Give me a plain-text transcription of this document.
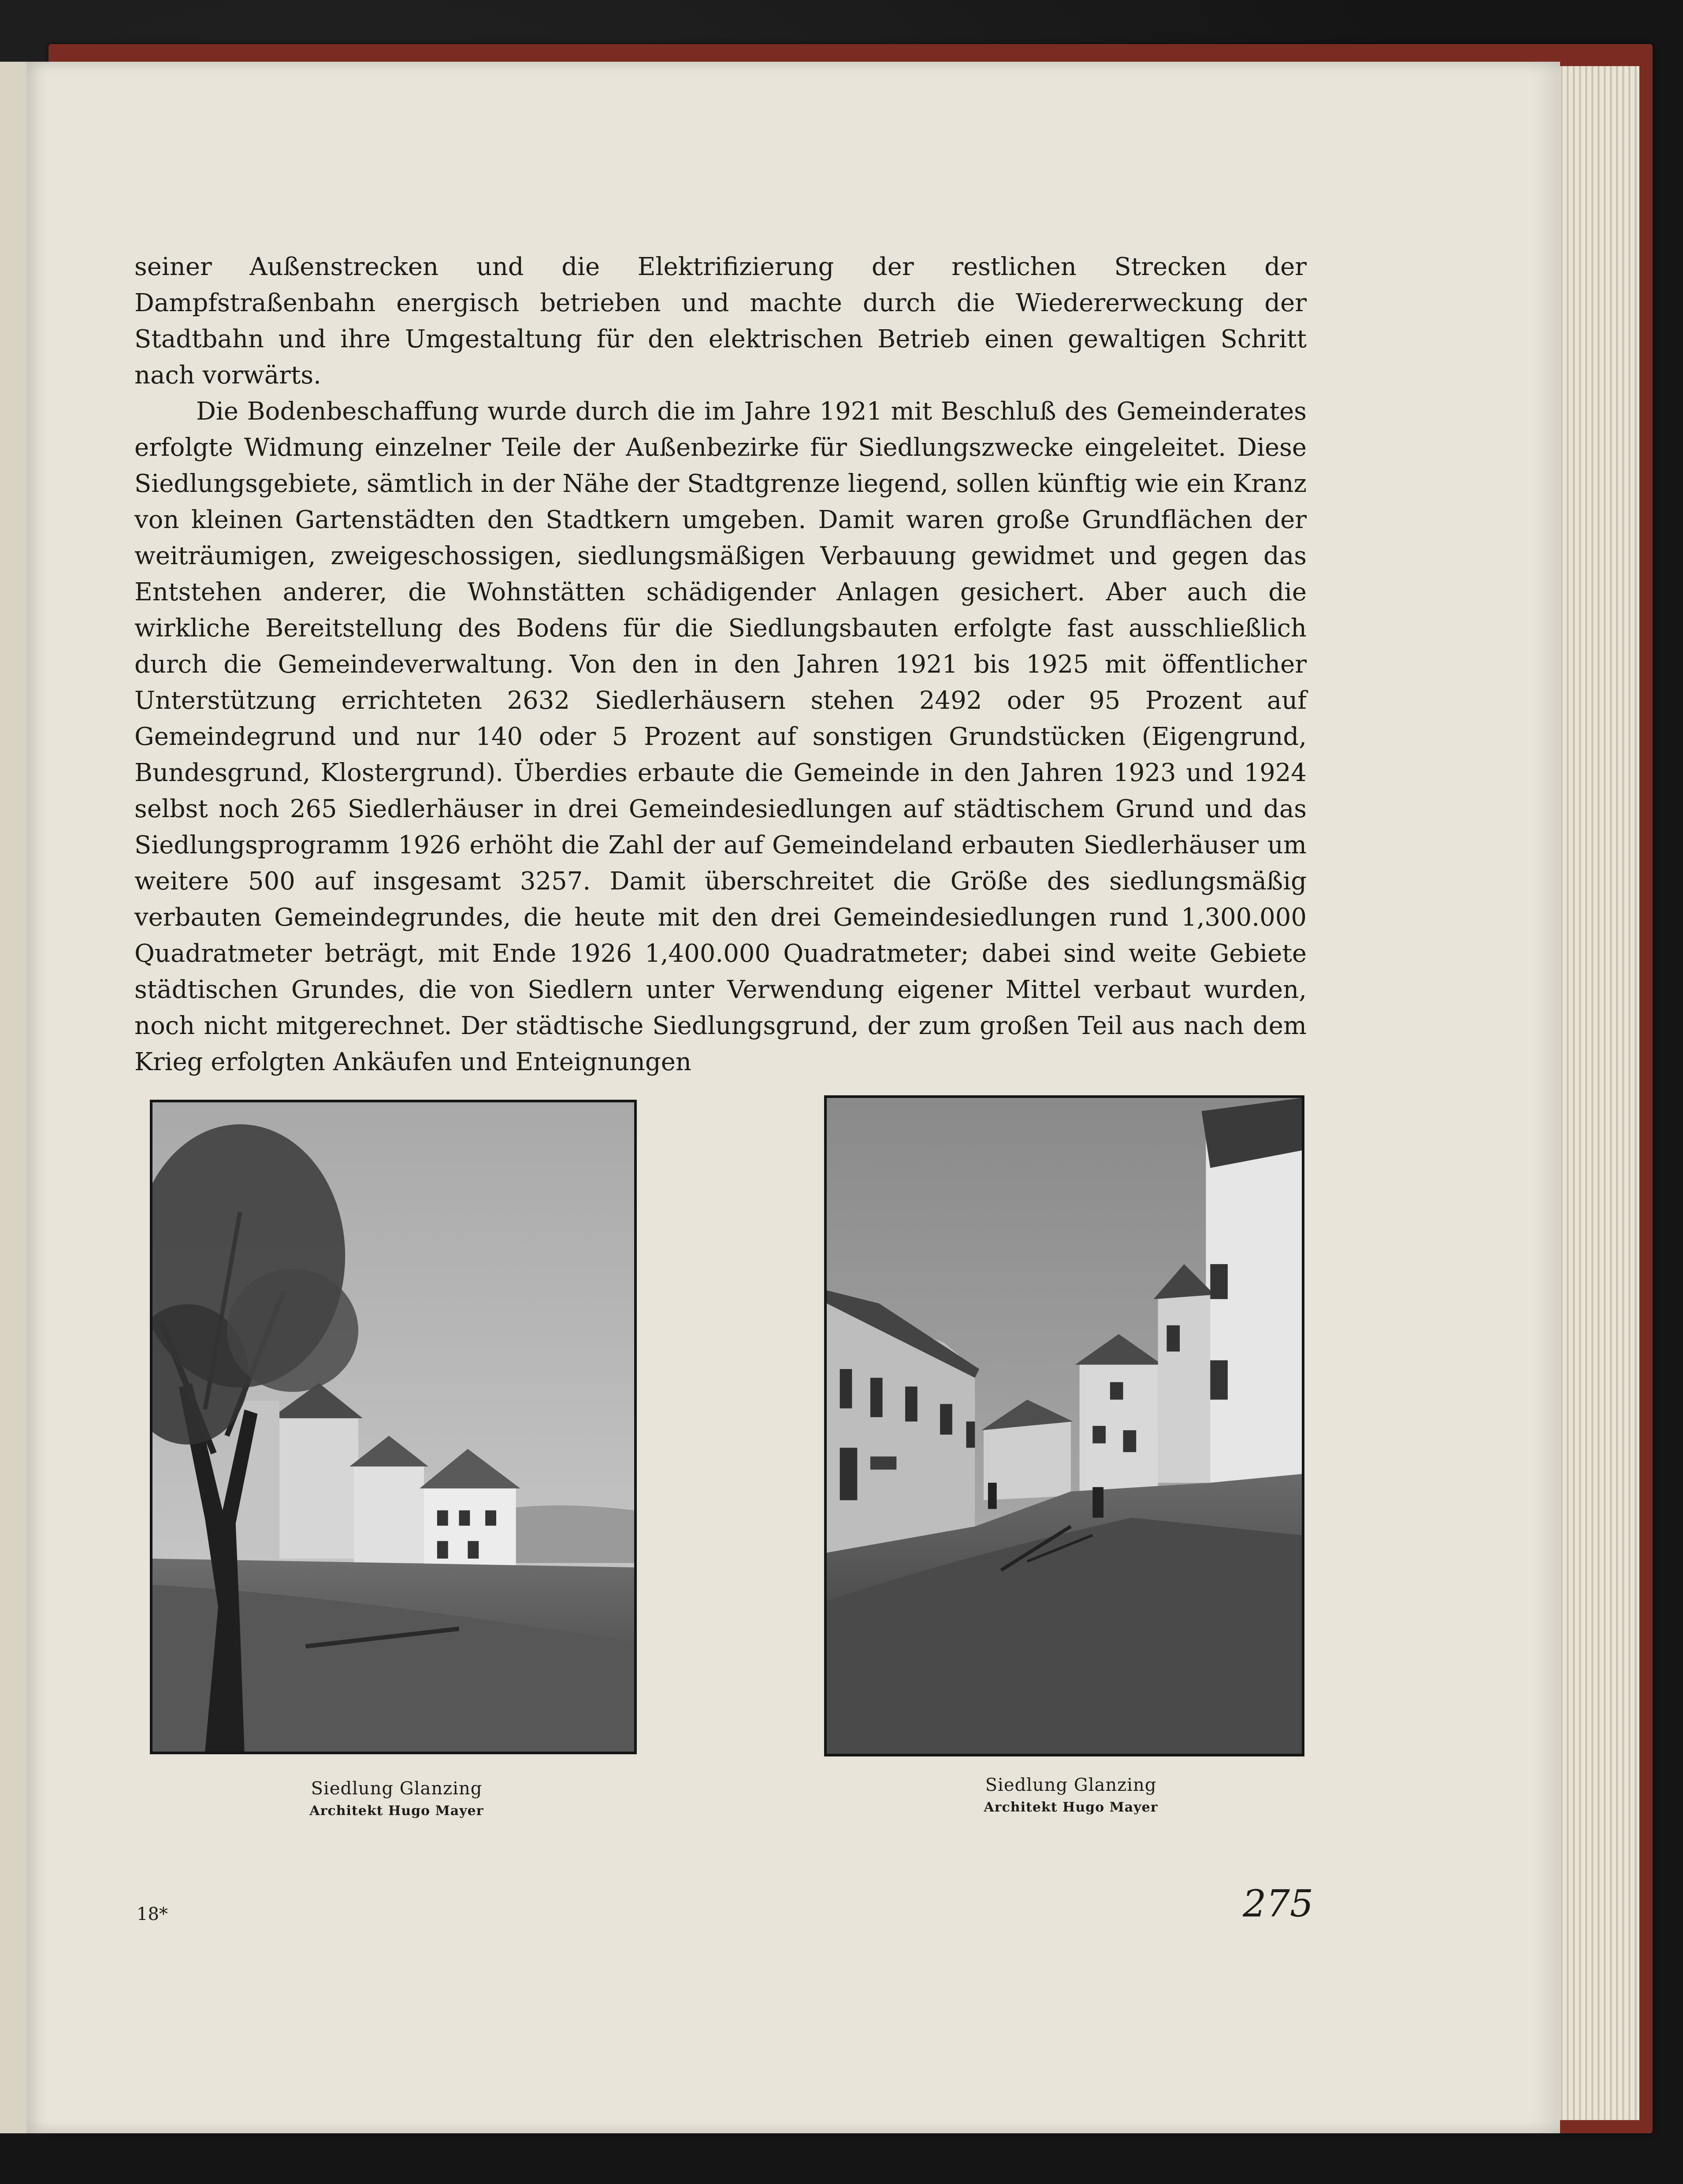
seiner Außenstrecken und die Elektrifizierung der restlichen Strecken der Dampfstraßenbahn energisch betrieben und machte durch die Wiedererweckung der Stadtbahn und ihre Umgestaltung für den elektrischen Betrieb einen gewaltigen Schritt nach vorwärts.

Die Bodenbeschaffung wurde durch die im Jahre 1921 mit Beschluß des Gemeinderates erfolgte Widmung einzelner Teile der Außenbezirke für Siedlungszwecke eingeleitet. Diese Siedlungsgebiete, sämtlich in der Nähe der Stadtgrenze liegend, sollen künftig wie ein Kranz von kleinen Gartenstädten den Stadtkern umgeben. Damit waren große Grundflächen der weiträumigen, zweigeschossigen, siedlungsmäßigen Verbauung gewidmet und gegen das Entstehen anderer, die Wohnstätten schädigender Anlagen gesichert. Aber auch die wirkliche Bereitstellung des Bodens für die Siedlungsbauten erfolgte fast ausschließlich durch die Gemeindeverwaltung. Von den in den Jahren 1921 bis 1925 mit öffentlicher Unterstützung errichteten 2632 Siedlerhäusern stehen 2492 oder 95 Prozent auf Gemeindegrund und nur 140 oder 5 Prozent auf sonstigen Grundstücken (Eigengrund, Bundesgrund, Klostergrund). Überdies erbaute die Gemeinde in den Jahren 1923 und 1924 selbst noch 265 Siedlerhäuser in drei Gemeindesiedlungen auf städtischem Grund und das Siedlungsprogramm 1926 erhöht die Zahl der auf Gemeindeland erbauten Siedlerhäuser um weitere 500 auf insgesamt 3257. Damit überschreitet die Größe des siedlungsmäßig verbauten Gemeindegrundes, die heute mit den drei Gemeindesiedlungen rund 1,300.000 Quadratmeter beträgt, mit Ende 1926 1,400.000 Quadratmeter; dabei sind weite Gebiete städtischen Grundes, die von Siedlern unter Verwendung eigener Mittel verbaut wurden, noch nicht mitgerechnet. Der städtische Siedlungsgrund, der zum großen Teil aus nach dem Krieg erfolgten Ankäufen und Enteignungen

Siedlung Glanzing
Architekt Hugo Mayer
Siedlung Glanzing
Architekt Hugo Mayer
18*	275
